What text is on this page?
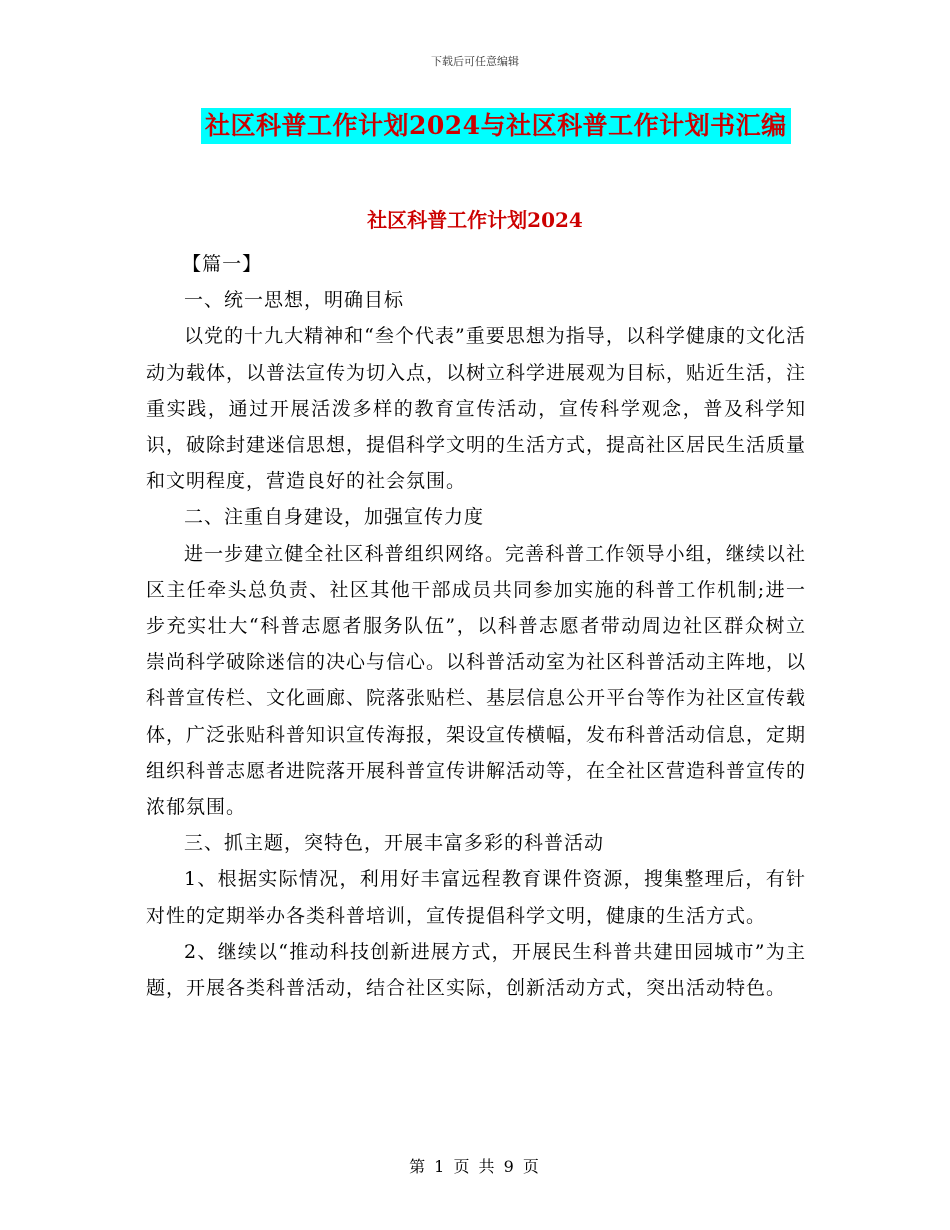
下载后可任意编辑
社区科普工作计划2024与社区科普工作计划书汇编
社区科普工作计划2024

【篇一】

一、统一思想，明确目标

以党的十九大精神和“叁个代表”重要思想为指导，以科学健康的文化活动为载体，以普法宣传为切入点，以树立科学进展观为目标，贴近生活，注重实践，通过开展活泼多样的教育宣传活动，宣传科学观念，普及科学知识，破除封建迷信思想，提倡科学文明的生活方式，提高社区居民生活质量和文明程度，营造良好的社会氛围。

二、注重自身建设，加强宣传力度

进一步建立健全社区科普组织网络。完善科普工作领导小组，继续以社区主任牵头总负责、社区其他干部成员共同参加实施的科普工作机制;进一步充实壮大“科普志愿者服务队伍”，以科普志愿者带动周边社区群众树立崇尚科学破除迷信的决心与信心。以科普活动室为社区科普活动主阵地，以科普宣传栏、文化画廊、院落张贴栏、基层信息公开平台等作为社区宣传载体，广泛张贴科普知识宣传海报，架设宣传横幅，发布科普活动信息，定期组织科普志愿者进院落开展科普宣传讲解活动等，在全社区营造科普宣传的浓郁氛围。

三、抓主题，突特色，开展丰富多彩的科普活动

1、根据实际情况，利用好丰富远程教育课件资源，搜集整理后，有针对性的定期举办各类科普培训，宣传提倡科学文明，健康的生活方式。

2、继续以“推动科技创新进展方式，开展民生科普共建田园城市”为主题，开展各类科普活动，结合社区实际，创新活动方式，突出活动特色。

第 1 页 共 9 页
